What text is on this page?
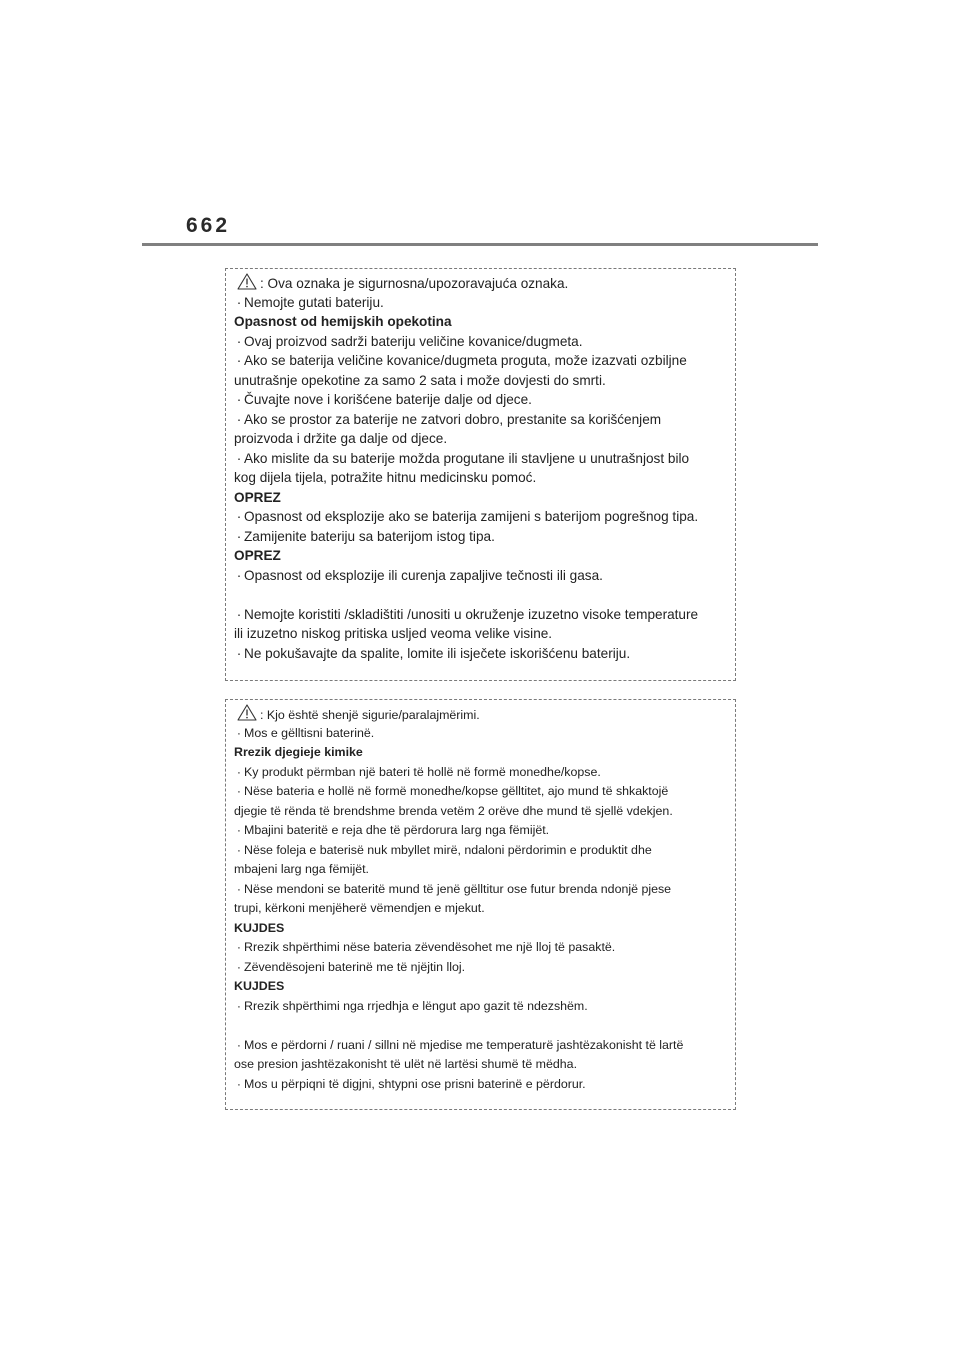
662
: Ova oznaka je sigurnosna/upozoravajuća oznaka.
· Nemojte gutati bateriju.
Opasnost od hemijskih opekotina
· Ovaj proizvod sadrži bateriju veličine kovanice/dugmeta.
· Ako se baterija veličine kovanice/dugmeta proguta, može izazvati ozbiljne
unutrašnje opekotine za samo 2 sata i može dovjesti do smrti.
· Čuvajte nove i korišćene baterije dalje od djece.
· Ako se prostor za baterije ne zatvori dobro, prestanite sa korišćenjem
proizvoda i držite ga dalje od djece.
· Ako mislite da su baterije možda progutane ili stavljene u unutrašnjost bilo
kog dijela tijela, potražite hitnu medicinsku pomoć.
OPREZ
· Opasnost od eksplozije ako se baterija zamijeni s baterijom pogrešnog tipa.
· Zamijenite bateriju sa baterijom istog tipa.
OPREZ
· Opasnost od eksplozije ili curenja zapaljive tečnosti ili gasa.
· Nemojte koristiti /skladištiti /unositi u okruženje izuzetno visoke temperature
ili izuzetno niskog pritiska usljed veoma velike visine.
· Ne pokušavajte da spalite, lomite ili isječete iskorišćenu bateriju.
: Kjo është shenjë sigurie/paralajmërimi.
· Mos e gëlltisni baterinë.
Rrezik djegieje kimike
· Ky produkt përmban një bateri të hollë në formë monedhe/kopse.
· Nëse bateria e hollë në formë monedhe/kopse gëlltitet, ajo mund të shkaktojë
djegie të rënda të brendshme brenda vetëm 2 orëve dhe mund të sjellë vdekjen.
· Mbajini bateritë e reja dhe të përdorura larg nga fëmijët.
· Nëse foleja e baterisë nuk mbyllet mirë, ndaloni përdorimin e produktit dhe
mbajeni larg nga fëmijët.
· Nëse mendoni se bateritë mund të jenë gëlltitur ose futur brenda ndonjë pjese
trupi, kërkoni menjëherë vëmendjen e mjekut.
KUJDES
· Rrezik shpërthimi nëse bateria zëvendësohet me një lloj të pasaktë.
· Zëvendësojeni baterinë me të njëjtin lloj.
KUJDES
· Rrezik shpërthimi nga rrjedhja e lëngut apo gazit të ndezshëm.
· Mos e përdorni / ruani / sillni në mjedise me temperaturë jashtëzakonisht të lartë
ose presion jashtëzakonisht të ulët në lartësi shumë të mëdha.
· Mos u përpiqni të digjni, shtypni ose prisni baterinë e përdorur.
